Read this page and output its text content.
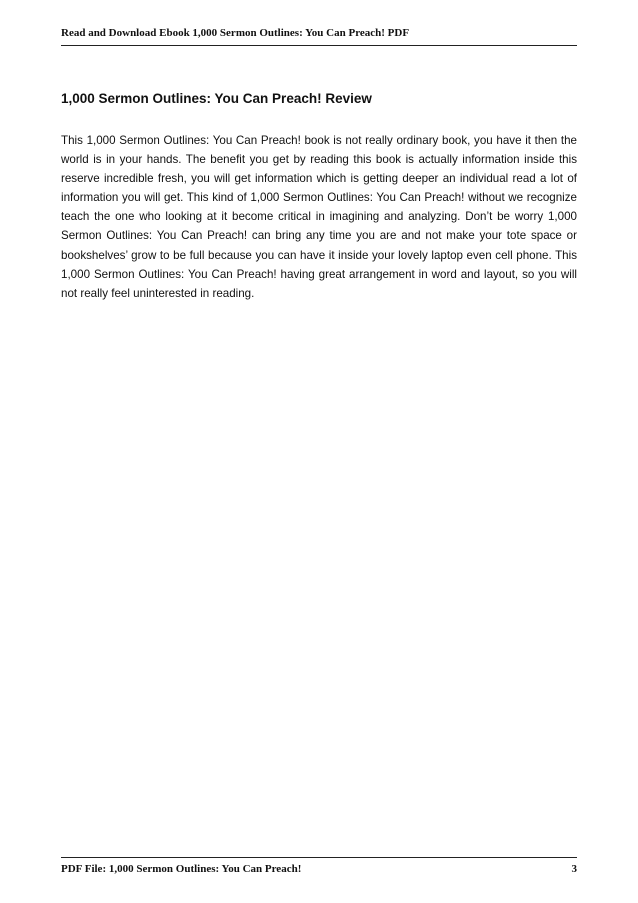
Read and Download Ebook 1,000 Sermon Outlines: You Can Preach! PDF
1,000 Sermon Outlines: You Can Preach! Review

This 1,000 Sermon Outlines: You Can Preach! book is not really ordinary book, you have it then the world is in your hands. The benefit you get by reading this book is actually information inside this reserve incredible fresh, you will get information which is getting deeper an individual read a lot of information you will get. This kind of 1,000 Sermon Outlines: You Can Preach! without we recognize teach the one who looking at it become critical in imagining and analyzing. Don’t be worry 1,000 Sermon Outlines: You Can Preach! can bring any time you are and not make your tote space or bookshelves’ grow to be full because you can have it inside your lovely laptop even cell phone. This 1,000 Sermon Outlines: You Can Preach! having great arrangement in word and layout, so you will not really feel uninterested in reading.

PDF File: 1,000 Sermon Outlines: You Can Preach!	3
